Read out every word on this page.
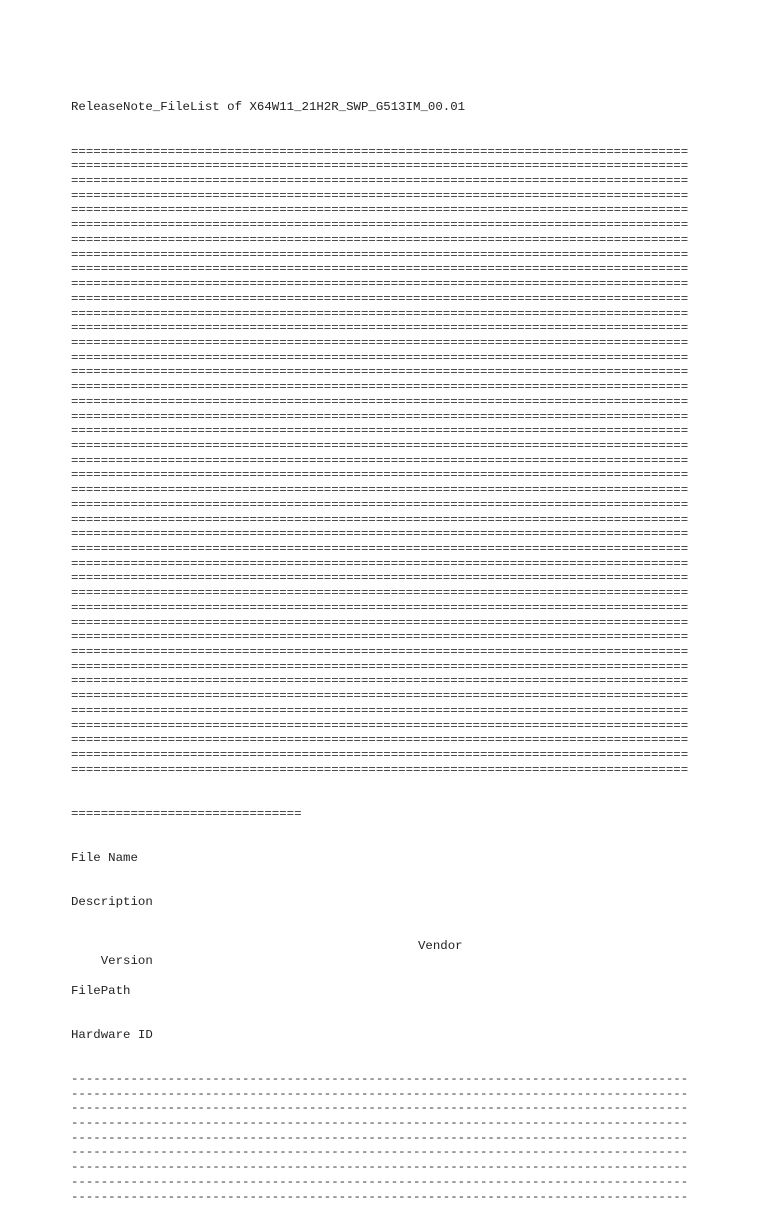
ReleaseNote_FileList of X64W11_21H2R_SWP_G513IM_00.01

===================================================================================
===================================================================================
===================================================================================
===================================================================================
===================================================================================
===================================================================================
===================================================================================
===================================================================================
===================================================================================
===================================================================================
===================================================================================
===================================================================================
===================================================================================
===================================================================================
===================================================================================
===================================================================================
===================================================================================
===================================================================================
===================================================================================
===================================================================================
===================================================================================
===================================================================================
===================================================================================
===================================================================================
===================================================================================
===================================================================================
===================================================================================
===================================================================================
===================================================================================
===================================================================================
===================================================================================
===================================================================================
===================================================================================
===================================================================================
===================================================================================
===================================================================================
===================================================================================
===================================================================================
===================================================================================
===================================================================================
===================================================================================
===================================================================================
===================================================================================

===============================

File Name

Description

Version

Vendor

FilePath

Hardware ID

-----------------------------------------------------------------------------------
-----------------------------------------------------------------------------------
-----------------------------------------------------------------------------------
-----------------------------------------------------------------------------------
-----------------------------------------------------------------------------------
-----------------------------------------------------------------------------------
-----------------------------------------------------------------------------------
-----------------------------------------------------------------------------------
-----------------------------------------------------------------------------------
